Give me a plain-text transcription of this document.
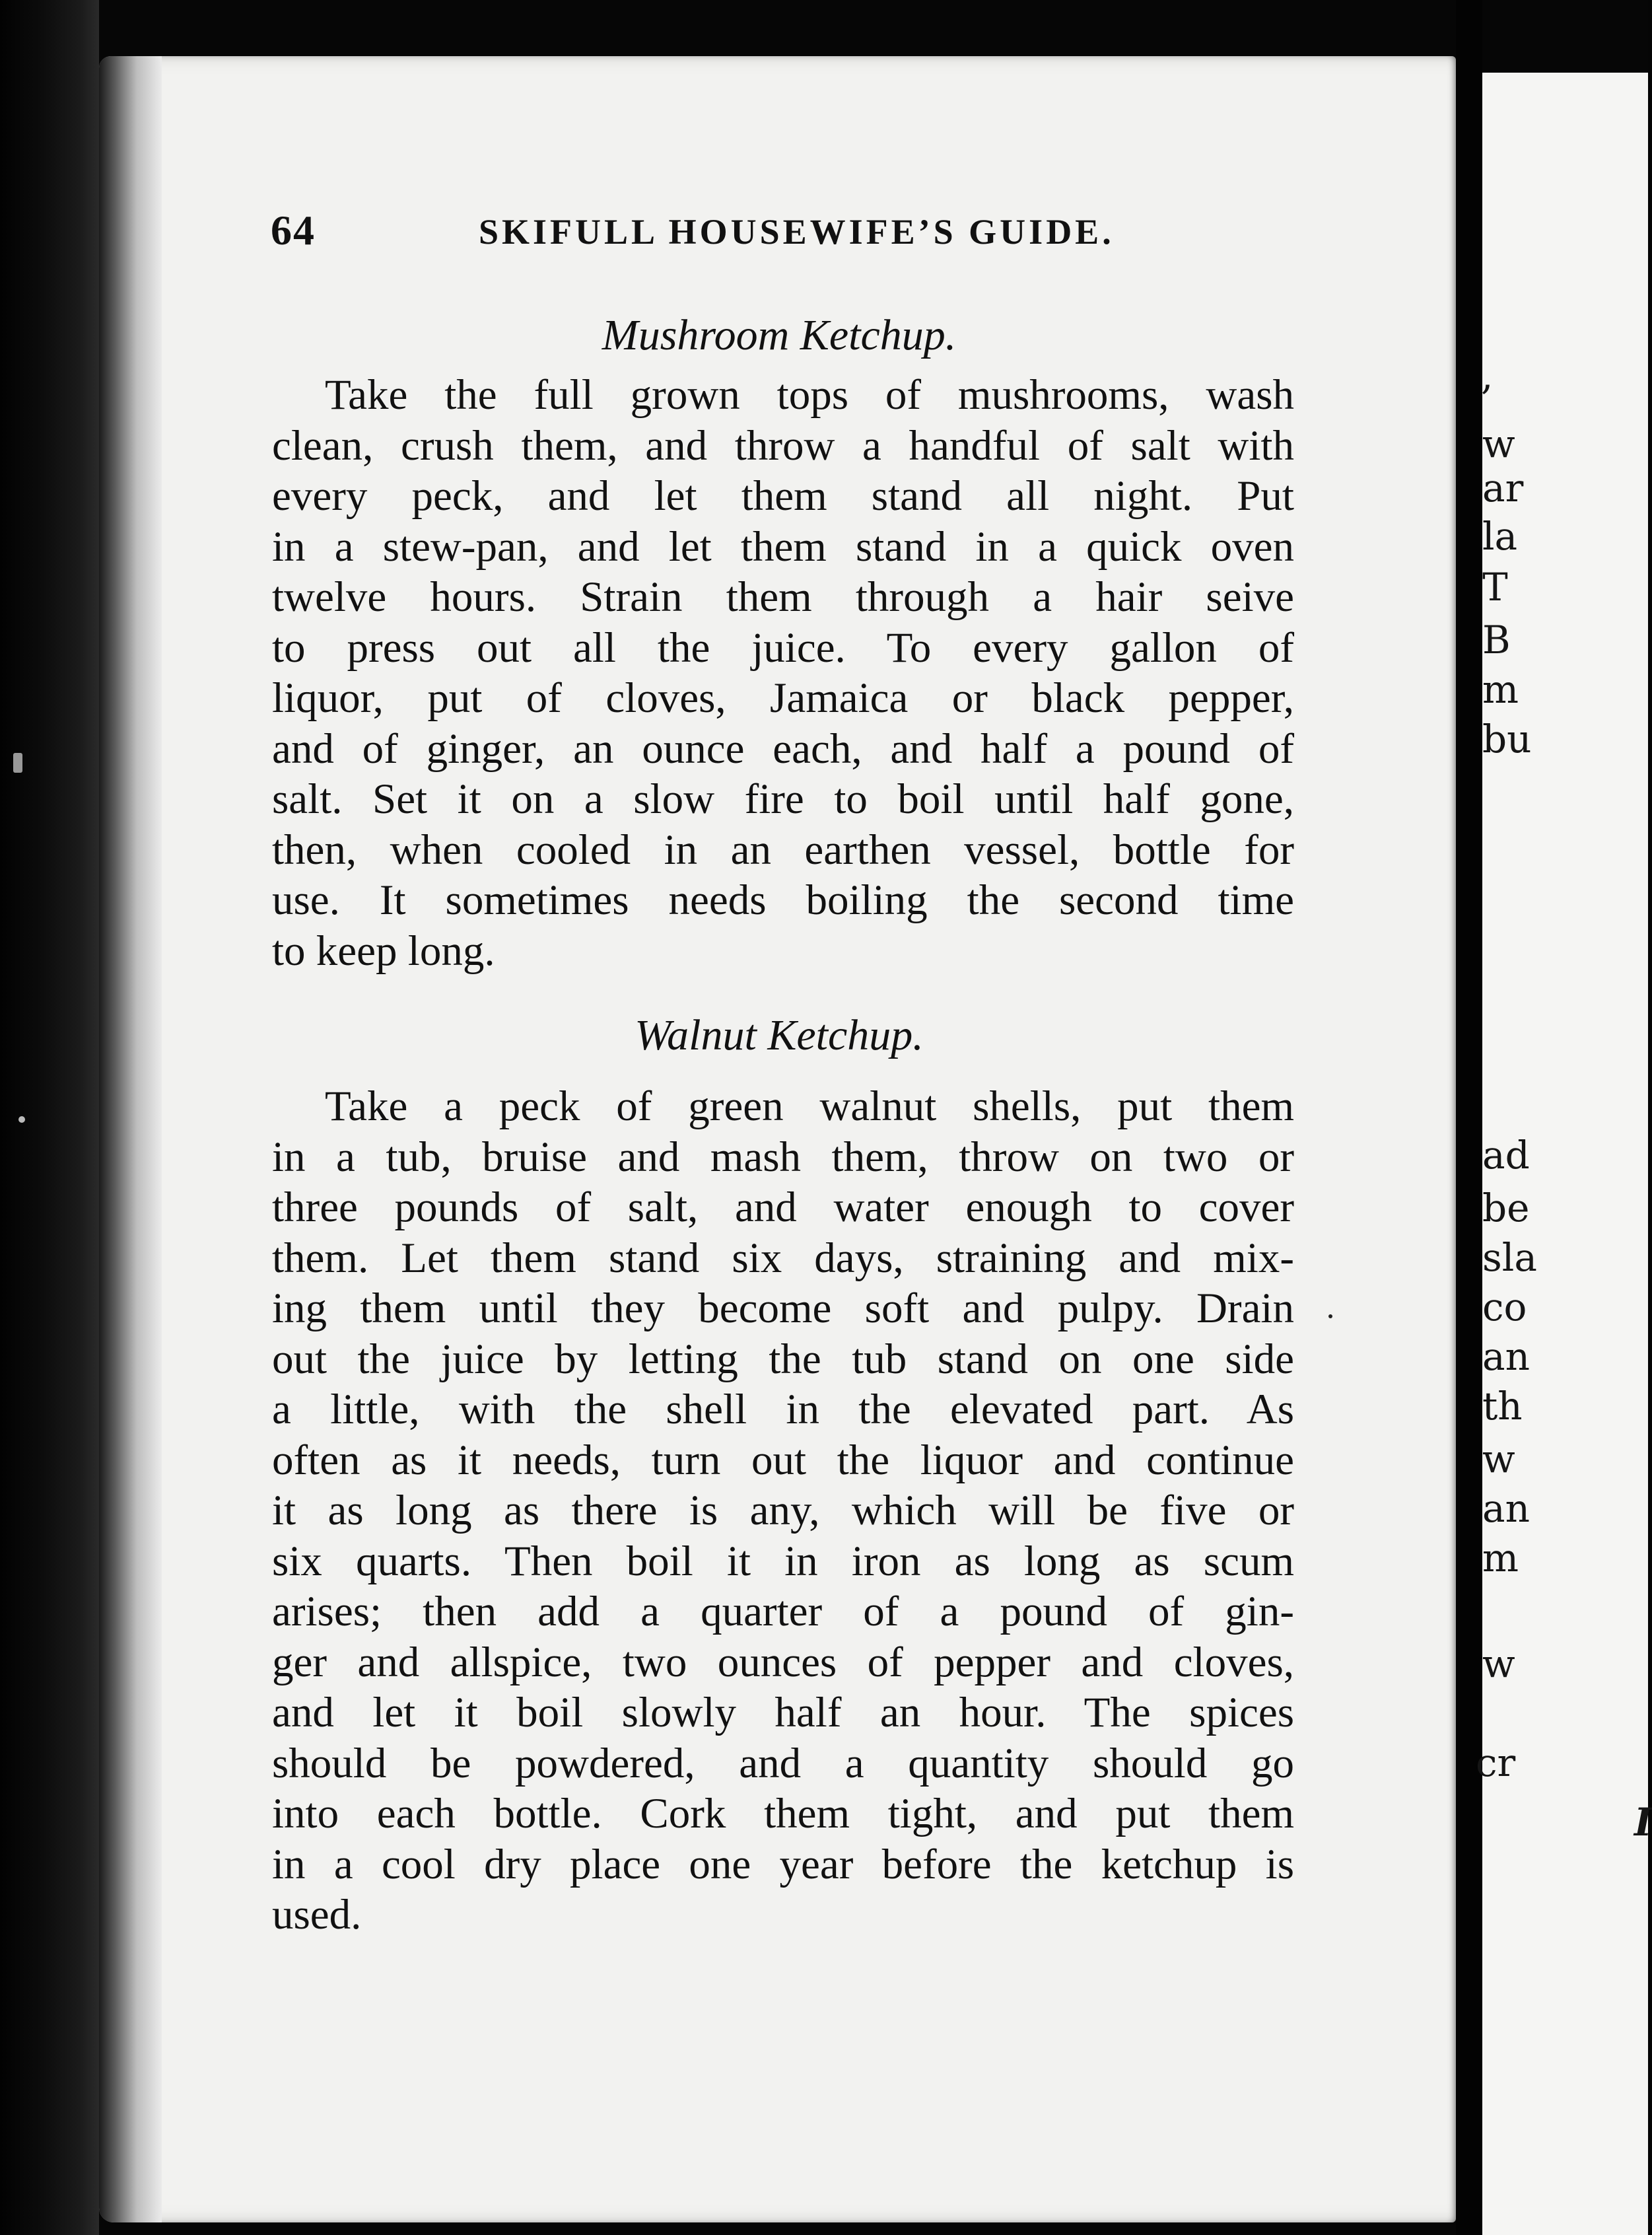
,
w
ar
la
T
B
m
bu
ad
be
sla
co
an
th
w
an
m
w
cr
I
64	SKIFULL HOUSEWIFE’S GUIDE.
Mushroom Ketchup.
Take the full grown tops of mushrooms, wash
clean, crush them, and throw a handful of salt with
every peck, and let them stand all night. Put
in a stew-pan, and let them stand in a quick oven
twelve hours. Strain them through a hair seive
to press out all the juice. To every gallon of
liquor, put of cloves, Jamaica or black pepper,
and of ginger, an ounce each, and half a pound of
salt. Set it on a slow fire to boil until half gone,
then, when cooled in an earthen vessel, bottle for
use. It sometimes needs boiling the second time
to keep long.
Walnut Ketchup.
Take a peck of green walnut shells, put them
in a tub, bruise and mash them, throw on two or
three pounds of salt, and water enough to cover
them. Let them stand six days, straining and mix-
ing them until they become soft and pulpy. Drain
out the juice by letting the tub stand on one side
a little, with the shell in the elevated part. As
often as it needs, turn out the liquor and continue
it as long as there is any, which will be five or
six quarts. Then boil it in iron as long as scum
arises; then add a quarter of a pound of gin-
ger and allspice, two ounces of pepper and cloves,
and let it boil slowly half an hour. The spices
should be powdered, and a quantity should go
into each bottle. Cork them tight, and put them
in a cool dry place one year before the ketchup is
used.
